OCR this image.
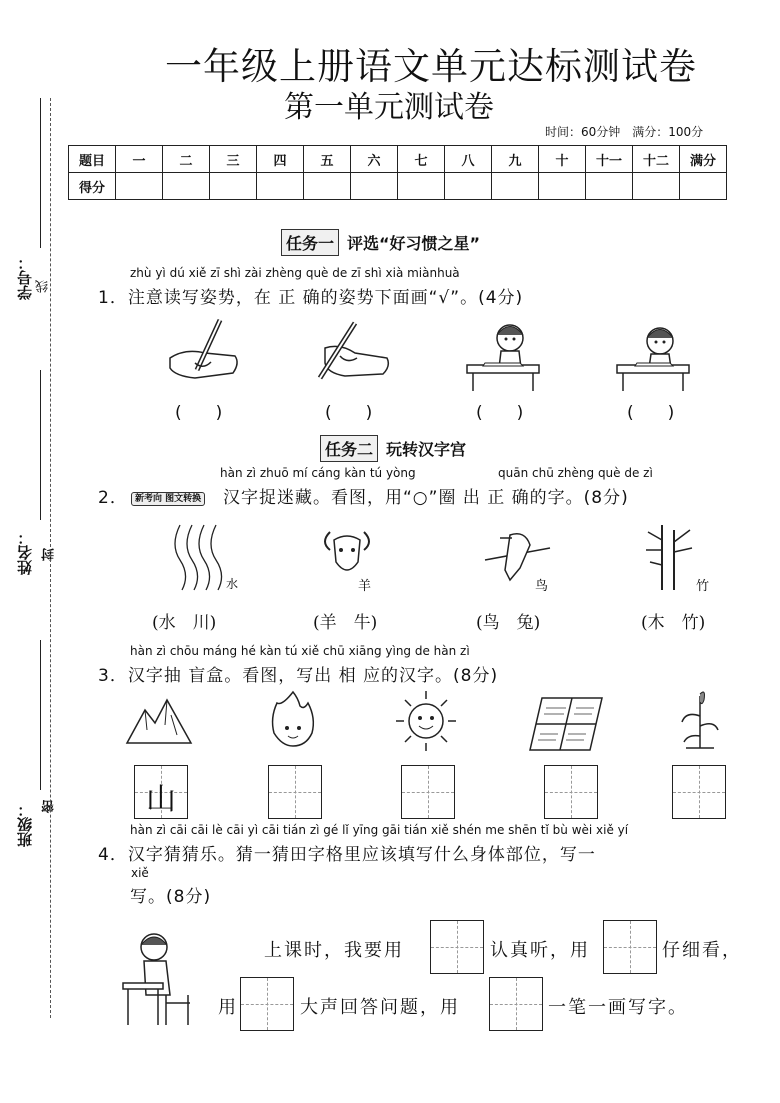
一年级上册语文单元达标测试卷
第一单元测试卷
时间：60分钟　满分：100分
学号： 线
姓名： 封
班级： 密
题目	一	二	三	四	五	六	七	八	九	十	十一	十二	满分
得分													
任务一 评选“好习惯之星”
zhù yì dú xiě zī shì zài zhèng què de zī shì xià miànhuà
1．注意读写姿势，在 正 确的姿势下面画“√”。(4分)
(　　)	(　　)	(　　)	(　　)
任务二 玩转汉字宫
hàn zì zhuō mí cáng kàn tú yòng	quān chū zhèng què de zì
2． 新考向 图文转换 汉字捉迷藏。看图，用“○”圈 出 正 确的字。(8分)
水	羊	鸟	竹
(水　川)	(羊　牛)	(鸟　兔)	(木　竹)
hàn zì chōu máng hé kàn tú xiě chū xiāng yìng de hàn zì
3．汉字抽 盲盒。看图，写出 相 应的汉字。(8分)
山
hàn zì cāi cāi lè cāi yì cāi tián zì gé lǐ yīng gāi tián xiě shén me shēn tǐ bù wèi xiě yí
4．汉字猜猜乐。猜一猜田字格里应该填写什么身体部位，写一
xiě
写。(8分)
上课时，我要用	认真听，用	仔细看，
用	大声回答问题，用	一笔一画写字。
